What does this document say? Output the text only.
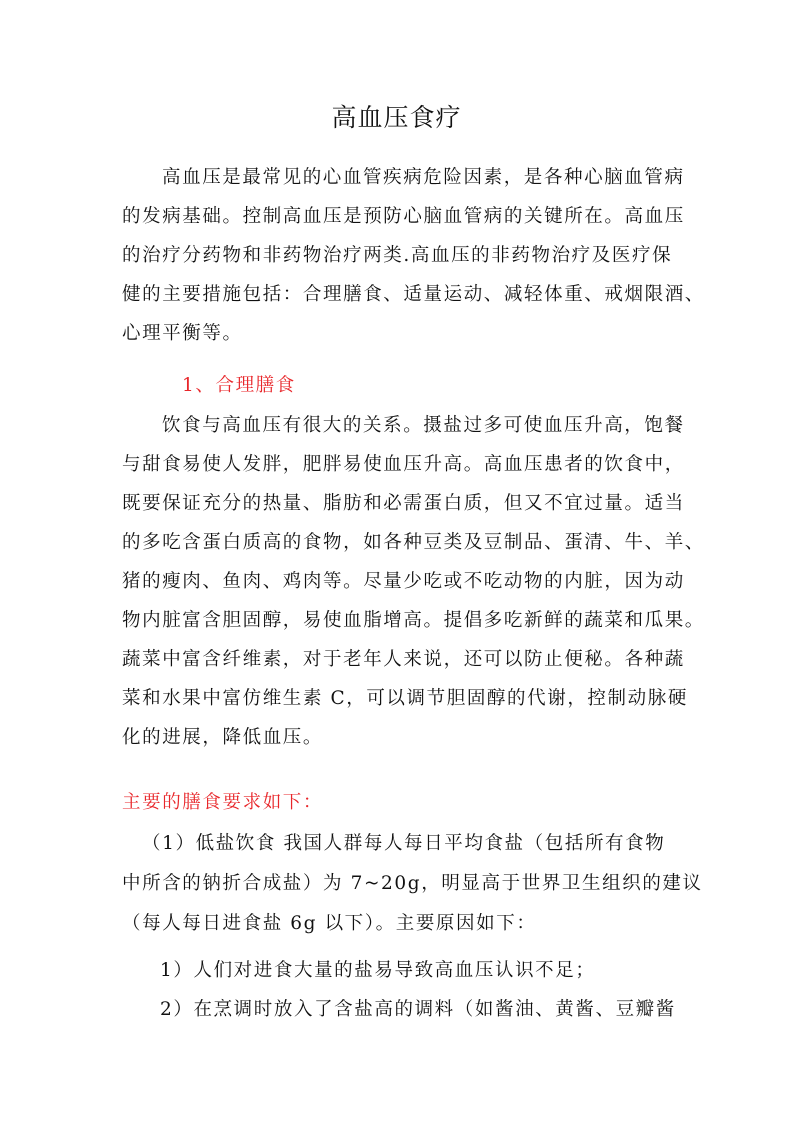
高血压食疗
高血压是最常见的心血管疾病危险因素，是各种心脑血管病
的发病基础。控制高血压是预防心脑血管病的关键所在。高血压
的治疗分药物和非药物治疗两类.高血压的非药物治疗及医疗保
健的主要措施包括：合理膳食、适量运动、减轻体重、戒烟限酒、
心理平衡等。
1、合理膳食
饮食与高血压有很大的关系。摄盐过多可使血压升高，饱餐
与甜食易使人发胖，肥胖易使血压升高。高血压患者的饮食中，
既要保证充分的热量、脂肪和必需蛋白质，但又不宜过量。适当
的多吃含蛋白质高的食物，如各种豆类及豆制品、蛋清、牛、羊、
猪的瘦肉、鱼肉、鸡肉等。尽量少吃或不吃动物的内脏，因为动
物内脏富含胆固醇，易使血脂增高。提倡多吃新鲜的蔬菜和瓜果。
蔬菜中富含纤维素，对于老年人来说，还可以防止便秘。各种蔬
菜和水果中富仿维生素 C，可以调节胆固醇的代谢，控制动脉硬
化的进展，降低血压。
主要的膳食要求如下：
（1）低盐饮食 我国人群每人每日平均食盐（包括所有食物
中所含的钠折合成盐）为 7~20g，明显高于世界卫生组织的建议
（每人每日进食盐 6g 以下）。主要原因如下：
1）人们对进食大量的盐易导致高血压认识不足；
2）在烹调时放入了含盐高的调料（如酱油、黄酱、豆瓣酱
